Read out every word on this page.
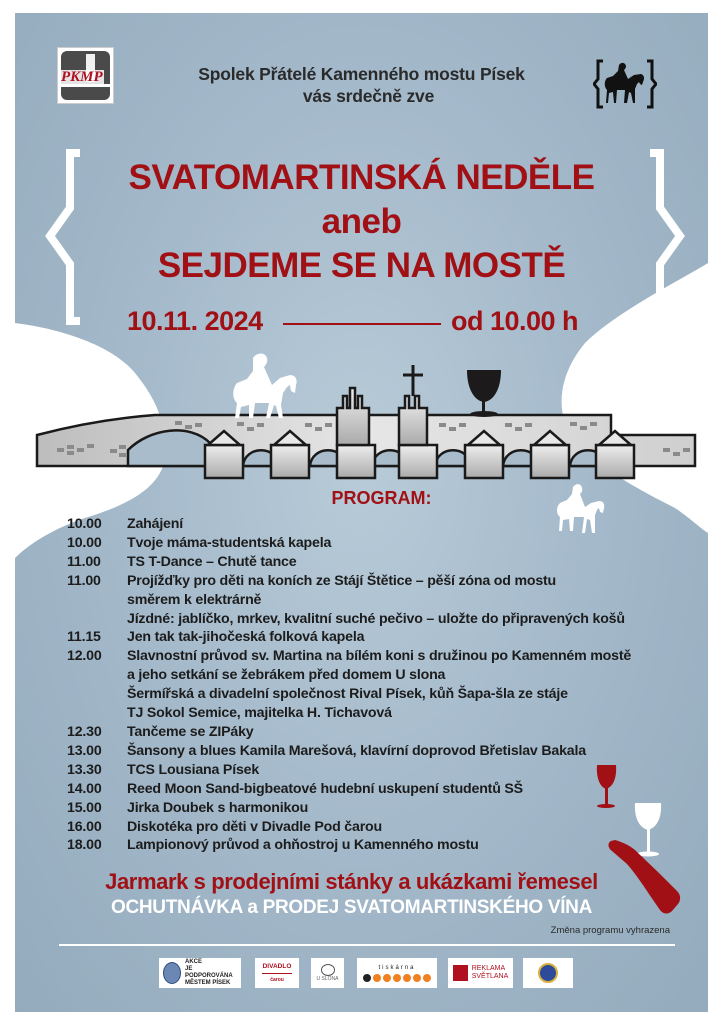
PKMP	Spolek Přátelé Kamenného mostu Písek
vás srdečně zve
SVATOMARTINSKÁ NEDĚLE
aneb
SEJDEME SE NA MOSTĚ
10.11. 2024	od 10.00 h
PROGRAM:
10.00	Zahájení
10.00	Tvoje máma-studentská kapela
11.00	TS T-Dance – Chutě tance
11.00	Projížďky pro děti na koních ze Stájí Štětice – pěší zóna od mostu
směrem k elektrárně
Jízdné: jablíčko, mrkev, kvalitní suché pečivo – uložte do připravených košů
11.15	Jen tak tak-jihočeská folková kapela
12.00	Slavnostní průvod sv. Martina na bílém koni s družinou po Kamenném mostě
a jeho setkání se žebrákem před domem U slona
Šermířská a divadelní společnost Rival Písek, kůň Šapa-šla ze stáje
TJ Sokol Semice, majitelka H. Tichavová
12.30	Tančeme se ZIPáky
13.00	Šansony a blues Kamila Marešová, klavírní doprovod Břetislav Bakala
13.30	TCS Lousiana Písek
14.00	Reed Moon Sand-bigbeatové hudební uskupení studentů SŠ
15.00	Jirka Doubek s harmonikou
16.00	Diskotéka pro děti v Divadle Pod čarou
18.00	Lampionový průvod a ohňostroj u Kamenného mostu
Jarmark s prodejními stánky a ukázkami řemesel
OCHUTNÁVKA a PRODEJ SVATOMARTINSKÉHO VÍNA
Změna programu vyhrazena
AKCE
JE PODPOROVÁNA
MĚSTEM PÍSEK
DIVADLO
čarou	U SLONA
tiskárna	REKLAMA
SVĚTLANA
